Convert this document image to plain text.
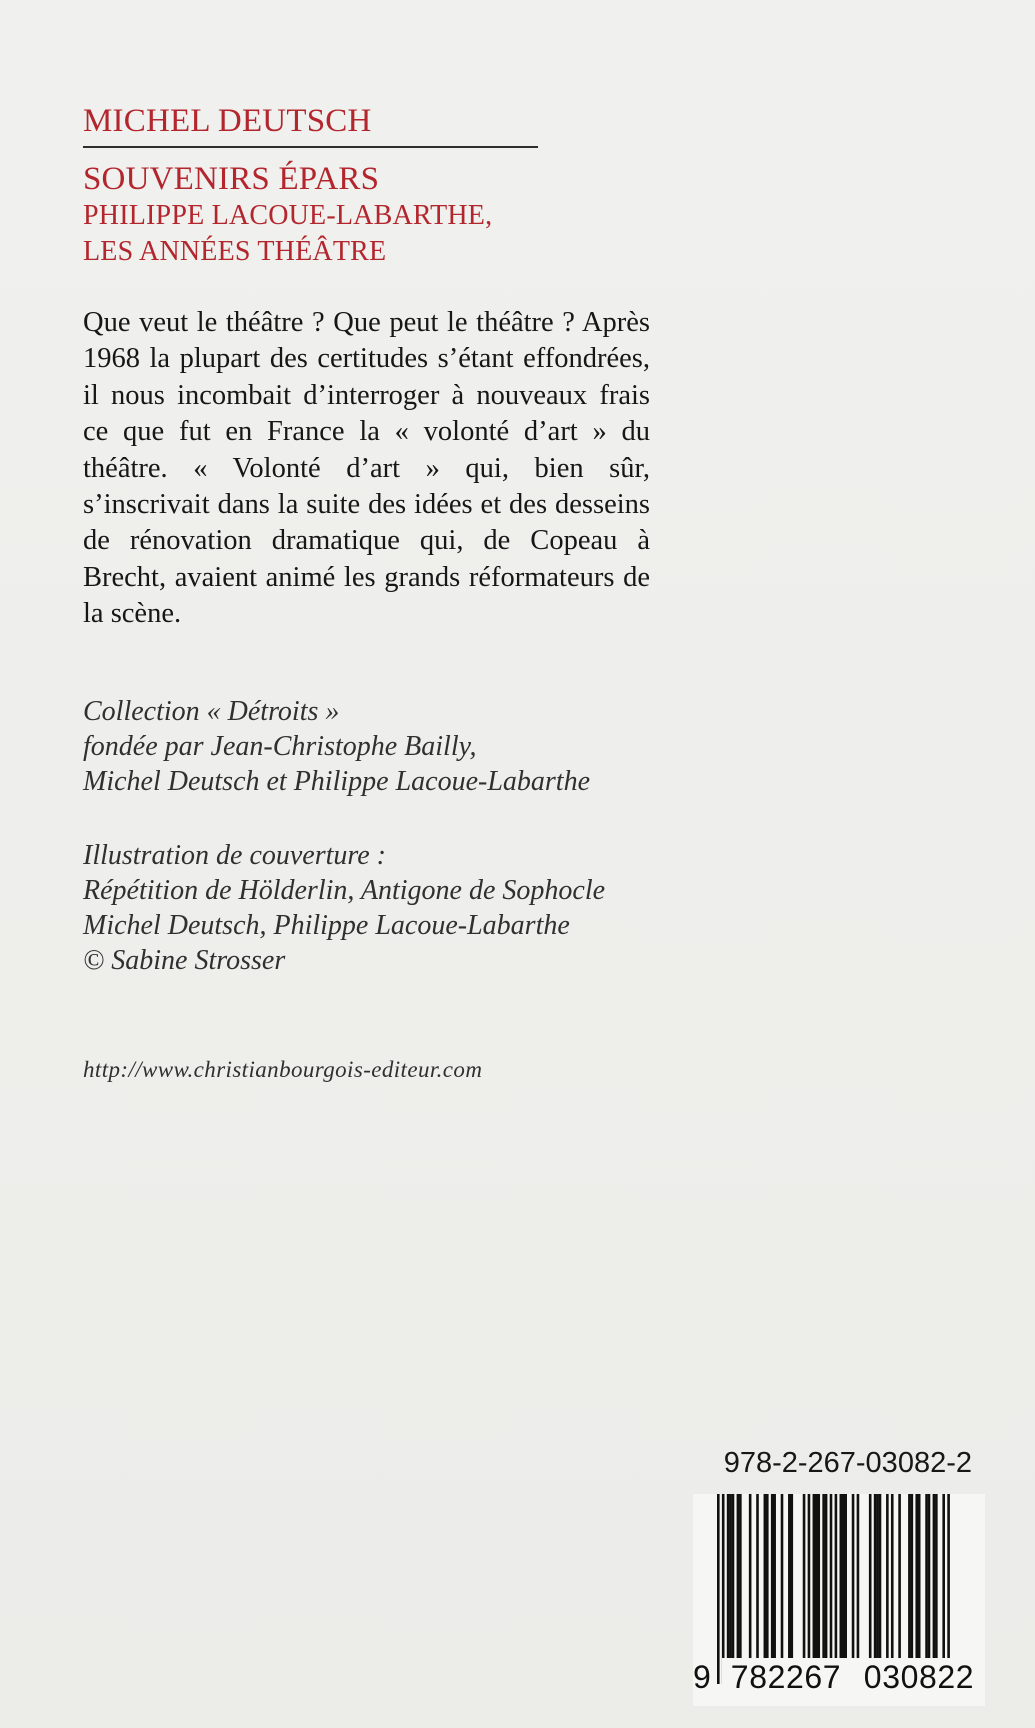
MICHEL DEUTSCH
SOUVENIRS ÉPARS
PHILIPPE LACOUE-LABARTHE,
LES ANNÉES THÉÂTRE

Que veut le théâtre ? Que peut le théâtre ? Après 1968 la plupart des certitudes s’étant effondrées, il nous incombait d’interroger à nouveaux frais ce que fut en France la « volonté d’art » du théâtre. « Volonté d’art » qui, bien sûr, s’inscrivait dans la suite des idées et des desseins de rénovation dramatique qui, de Copeau à Brecht, avaient animé les grands réformateurs de la scène.

Collection « Détroits »
fondée par Jean-Christophe Bailly,
Michel Deutsch et Philippe Lacoue-Labarthe
Illustration de couverture :
Répétition de Hölderlin, Antigone de Sophocle
Michel Deutsch, Philippe Lacoue-Labarthe
© Sabine Strosser
http://www.christianbourgois-editeur.com
978-2-267-03082-2
9 782267 030822
